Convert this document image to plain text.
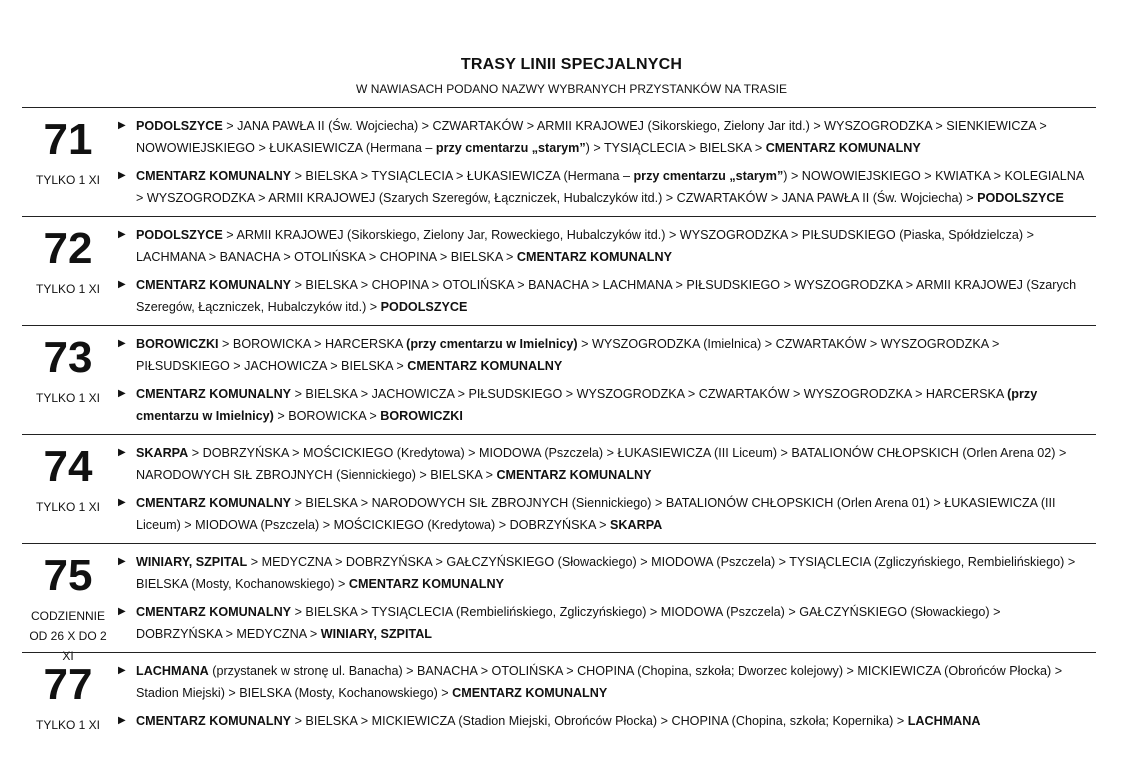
TRASY LINII SPECJALNYCH
W NAWIASACH PODANO NAZWY WYBRANYCH PRZYSTANKÓW NA TRASIE
71
TYLKO 1 XI
▶ PODOLSZYCE > JANA PAWŁA II (Św. Wojciecha) > CZWARTAKÓW > ARMII KRAJOWEJ (Sikorskiego, Zielony Jar itd.) > WYSZOGRODZKA > SIENKIEWICZA > NOWOWIEJSKIEGO > ŁUKASIEWICZA (Hermana – przy cmentarzu „starym”) > TYSIĄCLECIA > BIELSKA > CMENTARZ KOMUNALNY
▶ CMENTARZ KOMUNALNY > BIELSKA > TYSIĄCLECIA > ŁUKASIEWICZA (Hermana – przy cmentarzu „starym”) > NOWOWIEJSKIEGO > KWIATKA > KOLEGIALNA > WYSZOGRODZKA > ARMII KRAJOWEJ (Szarych Szeregów, Łączniczek, Hubalczyków itd.) > CZWARTAKÓW > JANA PAWŁA II (Św. Wojciecha) > PODOLSZYCE
72
TYLKO 1 XI
▶ PODOLSZYCE > ARMII KRAJOWEJ (Sikorskiego, Zielony Jar, Roweckiego, Hubalczyków itd.) > WYSZOGRODZKA > PIŁSUDSKIEGO (Piaska, Spółdzielcza) > LACHMANA > BANACHA > OTOLIŃSKA > CHOPINA > BIELSKA > CMENTARZ KOMUNALNY
▶ CMENTARZ KOMUNALNY > BIELSKA > CHOPINA > OTOLIŃSKA > BANACHA > LACHMANA > PIŁSUDSKIEGO > WYSZOGRODZKA > ARMII KRAJOWEJ (Szarych Szeregów, Łączniczek, Hubalczyków itd.) > PODOLSZYCE
73
TYLKO 1 XI
▶ BOROWICZKI > BOROWICKA > HARCERSKA (przy cmentarzu w Imielnicy) > WYSZOGRODZKA (Imielnica) > CZWARTAKÓW > WYSZOGRODZKA > PIŁSUDSKIEGO > JACHOWICZA > BIELSKA > CMENTARZ KOMUNALNY
▶ CMENTARZ KOMUNALNY > BIELSKA > JACHOWICZA > PIŁSUDSKIEGO > WYSZOGRODZKA > CZWARTAKÓW > WYSZOGRODZKA > HARCERSKA (przy cmentarzu w Imielnicy) > BOROWICKA > BOROWICZKI
74
TYLKO 1 XI
▶ SKARPA > DOBRZYŃSKA > MOŚCICKIEGO (Kredytowa) > MIODOWA (Pszczela) > ŁUKASIEWICZA (III Liceum) > BATALIONÓW CHŁOPSKICH (Orlen Arena 02) > NARODOWYCH SIŁ ZBROJNYCH (Siennickiego) > BIELSKA > CMENTARZ KOMUNALNY
▶ CMENTARZ KOMUNALNY > BIELSKA > NARODOWYCH SIŁ ZBROJNYCH (Siennickiego) > BATALIONÓW CHŁOPSKICH (Orlen Arena 01) > ŁUKASIEWICZA (III Liceum) > MIODOWA (Pszczela) > MOŚCICKIEGO (Kredytowa) > DOBRZYŃSKA > SKARPA
75
CODZIENNIE
OD 26 X DO 2 XI
▶ WINIARY, SZPITAL > MEDYCZNA > DOBRZYŃSKA > GAŁCZYŃSKIEGO (Słowackiego) > MIODOWA (Pszczela) > TYSIĄCLECIA (Zgliczyńskiego, Rembielińskiego) > BIELSKA (Mosty, Kochanowskiego) > CMENTARZ KOMUNALNY
▶ CMENTARZ KOMUNALNY > BIELSKA > TYSIĄCLECIA (Rembielińskiego, Zgliczyńskiego) > MIODOWA (Pszczela) > GAŁCZYŃSKIEGO (Słowackiego) > DOBRZYŃSKA > MEDYCZNA > WINIARY, SZPITAL
77
TYLKO 1 XI
▶ LACHMANA (przystanek w stronę ul. Banacha) > BANACHA > OTOLIŃSKA > CHOPINA (Chopina, szkoła; Dworzec kolejowy) > MICKIEWICZA (Obrońców Płocka) > Stadion Miejski) > BIELSKA (Mosty, Kochanowskiego) > CMENTARZ KOMUNALNY
▶ CMENTARZ KOMUNALNY > BIELSKA > MICKIEWICZA (Stadion Miejski, Obrońców Płocka) > CHOPINA (Chopina, szkoła; Kopernika) > LACHMANA
